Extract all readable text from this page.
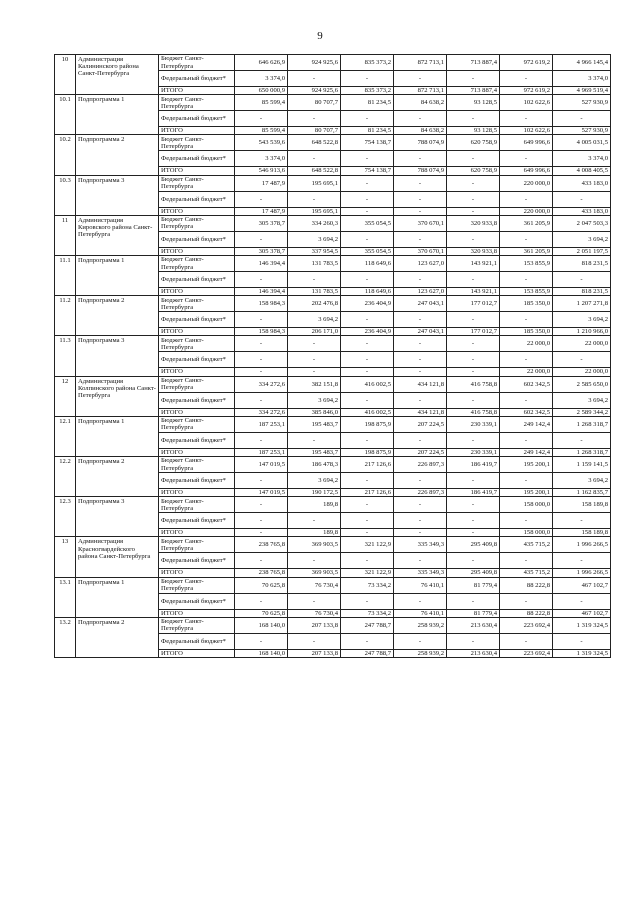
9
10	Администрация Калининского района Санкт-Петербурга	Бюджет Санкт-Петербурга	646 626,9	924 925,6	835 373,2	872 713,1	713 887,4	972 619,2	4 966 145,4
		Федеральный бюджет*	3 374,0	-	-	-	-	-	3 374,0
		ИТОГО	650 000,9	924 925,6	835 373,2	872 713,1	713 887,4	972 619,2	4 969 519,4
10.1	Подпрограмма 1	Бюджет Санкт-Петербурга	85 599,4	80 707,7	81 234,5	84 638,2	93 128,5	102 622,6	527 930,9
		Федеральный бюджет*	-	-	-	-	-	-	-
		ИТОГО	85 599,4	80 707,7	81 234,5	84 638,2	93 128,5	102 622,6	527 930,9
10.2	Подпрограмма 2	Бюджет Санкт-Петербурга	543 539,6	648 522,8	754 138,7	788 074,9	620 758,9	649 996,6	4 005 031,5
		Федеральный бюджет*	3 374,0	-	-	-	-	-	3 374,0
		ИТОГО	546 913,6	648 522,8	754 138,7	788 074,9	620 758,9	649 996,6	4 008 405,5
10.3	Подпрограмма 3	Бюджет Санкт-Петербурга	17 487,9	195 695,1	-	-	-	220 000,0	433 183,0
		Федеральный бюджет*	-	-	-	-	-	-	-
		ИТОГО	17 487,9	195 695,1	-	-	-	220 000,0	433 183,0
11	Администрация Кировского района Санкт-Петербурга	Бюджет Санкт-Петербурга	305 378,7	334 260,3	355 054,5	370 670,1	320 933,8	361 205,9	2 047 503,3
		Федеральный бюджет*	-	3 694,2	-	-	-	-	3 694,2
		ИТОГО	305 378,7	337 954,5	355 054,5	370 670,1	320 933,8	361 205,9	2 051 197,5
11.1	Подпрограмма 1	Бюджет Санкт-Петербурга	146 394,4	131 783,5	118 649,6	123 627,0	143 921,1	153 855,9	818 231,5
		Федеральный бюджет*	-	-	-	-	-	-	-
		ИТОГО	146 394,4	131 783,5	118 649,6	123 627,0	143 921,1	153 855,9	818 231,5
11.2	Подпрограмма 2	Бюджет Санкт-Петербурга	158 984,3	202 476,8	236 404,9	247 043,1	177 012,7	185 350,0	1 207 271,8
		Федеральный бюджет*	-	3 694,2	-	-	-	-	3 694,2
		ИТОГО	158 984,3	206 171,0	236 404,9	247 043,1	177 012,7	185 350,0	1 210 966,0
11.3	Подпрограмма 3	Бюджет Санкт-Петербурга	-	-	-	-	-	22 000,0	22 000,0
		Федеральный бюджет*	-	-	-	-	-	-	-
		ИТОГО	-	-	-	-	-	22 000,0	22 000,0
12	Администрация Колпинского района Санкт-Петербурга	Бюджет Санкт-Петербурга	334 272,6	382 151,8	416 002,5	434 121,8	416 758,8	602 342,5	2 585 650,0
		Федеральный бюджет*	-	3 694,2	-	-	-	-	3 694,2
		ИТОГО	334 272,6	385 846,0	416 002,5	434 121,8	416 758,8	602 342,5	2 589 344,2
12.1	Подпрограмма 1	Бюджет Санкт-Петербурга	187 253,1	195 483,7	198 875,9	207 224,5	230 339,1	249 142,4	1 268 318,7
		Федеральный бюджет*	-	-	-	-	-	-	-
		ИТОГО	187 253,1	195 483,7	198 875,9	207 224,5	230 339,1	249 142,4	1 268 318,7
12.2	Подпрограмма 2	Бюджет Санкт-Петербурга	147 019,5	186 478,3	217 126,6	226 897,3	186 419,7	195 200,1	1 159 141,5
		Федеральный бюджет*	-	3 694,2	-	-	-	-	3 694,2
		ИТОГО	147 019,5	190 172,5	217 126,6	226 897,3	186 419,7	195 200,1	1 162 835,7
12.3	Подпрограмма 3	Бюджет Санкт-Петербурга	-	189,8	-	-	-	158 000,0	158 189,8
		Федеральный бюджет*	-	-	-	-	-	-	-
		ИТОГО	-	189,8	-	-	-	158 000,0	158 189,8
13	Администрация Красногвардейского района Санкт-Петербурга	Бюджет Санкт-Петербурга	238 765,8	369 903,5	321 122,9	335 349,3	295 409,8	435 715,2	1 996 266,5
		Федеральный бюджет*	-	-	-	-	-	-	-
		ИТОГО	238 765,8	369 903,5	321 122,9	335 349,3	295 409,8	435 715,2	1 996 266,5
13.1	Подпрограмма 1	Бюджет Санкт-Петербурга	70 625,8	76 730,4	73 334,2	76 410,1	81 779,4	88 222,8	467 102,7
		Федеральный бюджет*	-	-	-	-	-	-	-
		ИТОГО	70 625,8	76 730,4	73 334,2	76 410,1	81 779,4	88 222,8	467 102,7
13.2	Подпрограмма 2	Бюджет Санкт-Петербурга	168 140,0	207 133,8	247 788,7	258 939,2	213 630,4	223 692,4	1 319 324,5
		Федеральный бюджет*	-	-	-	-	-	-	-
		ИТОГО	168 140,0	207 133,8	247 788,7	258 939,2	213 630,4	223 692,4	1 319 324,5
